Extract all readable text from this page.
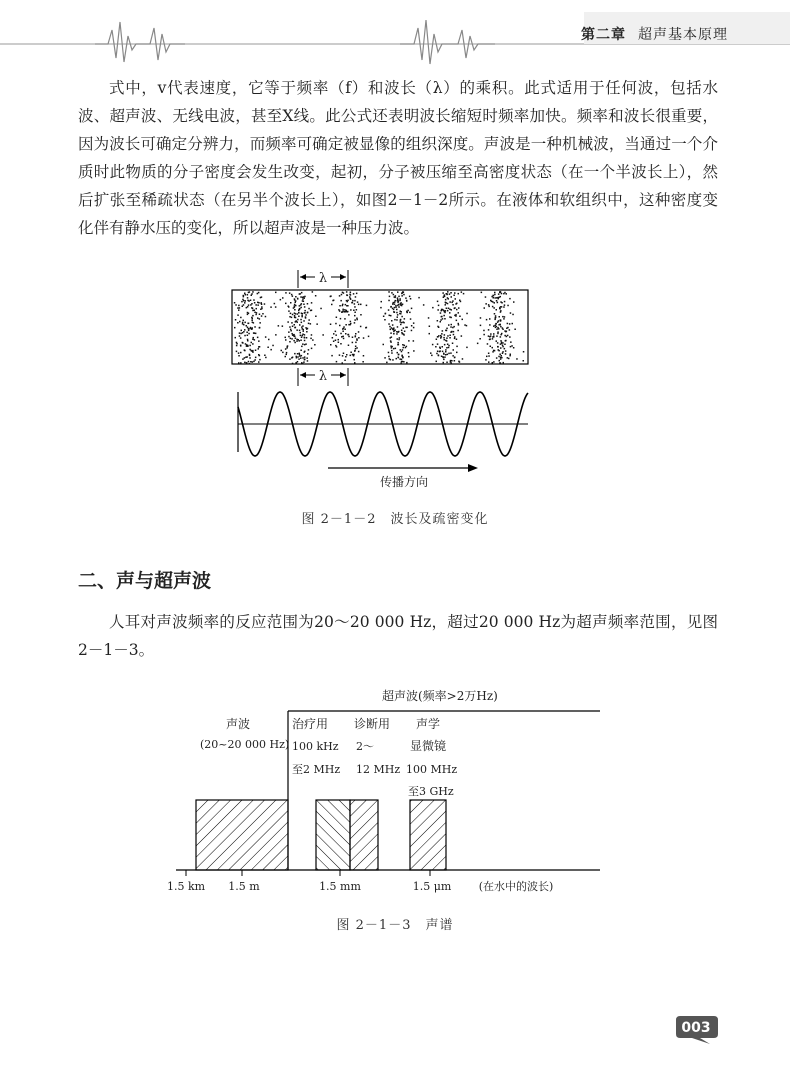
第二章 超声基本原理

式中，v代表速度，它等于频率（f）和波长（λ）的乘积。此式适用于任何波，包括水波、超声波、无线电波，甚至X线。此公式还表明波长缩短时频率加快。频率和波长很重要，因为波长可确定分辨力，而频率可确定被显像的组织深度。声波是一种机械波，当通过一个介质时此物质的分子密度会发生改变，起初，分子被压缩至高密度状态（在一个半波长上），然后扩张至稀疏状态（在另半个波长上），如图2－1－2所示。在液体和软组织中，这种密度变化伴有静水压的变化，所以超声波是一种压力波。

λ
λ
传播方向
图 2－1－2　波长及疏密变化
二、声与超声波

人耳对声波频率的反应范围为20～20 000 Hz，超过20 000 Hz为超声频率范围，见图2－1－3。

超声波(频率>2万Hz)
声波
(20~20 000 Hz)
治疗用
100 kHz
至2 MHz
诊断用
2～
12 MHz
声学
显微镜
100 MHz
至3 GHz
1.5 km 1.5 m	1.5 mm	1.5 μm (在水中的波长)
图 2－1－3　声谱
003
